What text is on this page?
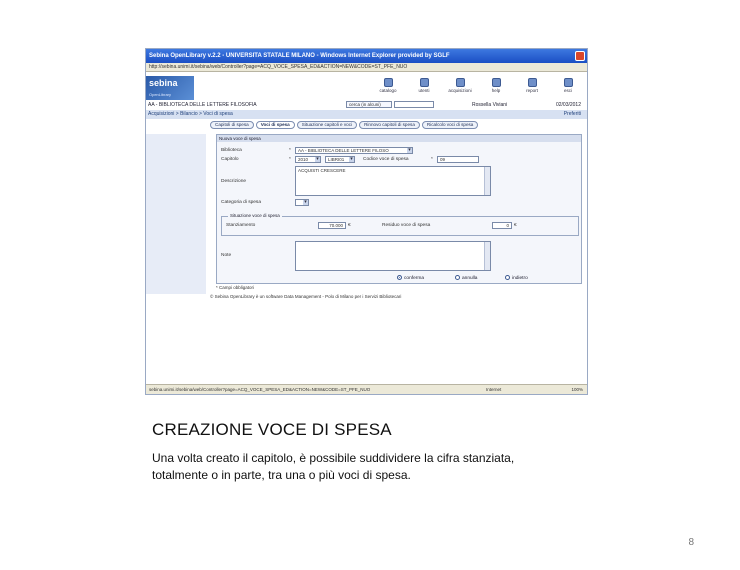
Sebina OpenLibrary v.2.2 - UNIVERSITA STATALE MILANO - Windows Internet Explorer provided by SGLF
http://sebina.unimi.it/sebina/web/Controller?page=ACQ_VOCE_SPESA_ED&ACTION=NEW&CODE=ST_PFE_NUO
sebina
OpenLibrary
catalogo	utenti	acquisizioni	help	report	esci
AA - BIBLIOTECA DELLE LETTERE FILOSOFIA	cerca (in alcuni)	Rossella Viviani	02/03/2012
Acquisizioni > Bilancio > Voci di spesa	Preferiti
Capitoli di spesa	Voci di spesa	Situazione capitoli e voci	Rinnovo capitoli di spesa	Ricalcolo voci di spesa
Nuova voce di spesa
Biblioteca	*	AA - BIBLIOTECA DELLE LETTERE FILOSO ▾
Capitolo	*	2010 ▾	LIBRI01 ▾	Codice voce di spesa	*	09
Descrizione
ACQUISTI CRESCERE
Categoria di spesa
▾
Situazione voce di spesa
Stanziamento	70.000	€	Residuo voce di spesa	0	€
Note
conferma	annulla	indietro
* Campi obbligatori
© Sebina OpenLibrary è un software Data Management - Polo di Milano per i Servizi Bibliotecari
sebina.unimi.it/sebina/web/Controller?page=ACQ_VOCE_SPESA_ED&ACTION=NEW&CODE=ST_PFE_NUO	Internet	100%
CREAZIONE VOCE DI SPESA
Una volta creato il capitolo, è possibile suddividere la cifra stanziata, totalmente o in parte, tra una o più voci di spesa.
8
